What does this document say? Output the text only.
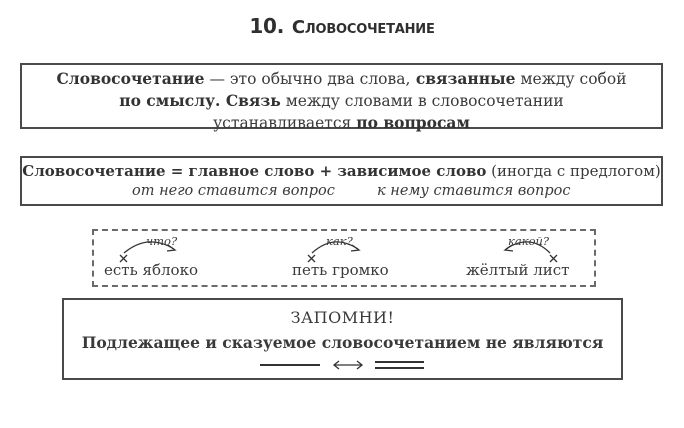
10. Словосочетание
Словосочетание — это обычно два слова, связанные между собой
по смыслу. Связь между словами в словосочетании
устанавливается по вопросам
Словосочетание = главное слово + зависимое слово (иногда с предлогом)
от него ставится вопрос	к нему ставится вопрос
что?
есть яблоко
как?
петь громко
какой?
жёлтый лист
ЗАПОМНИ!
Подлежащее и сказуемое словосочетанием не являются
